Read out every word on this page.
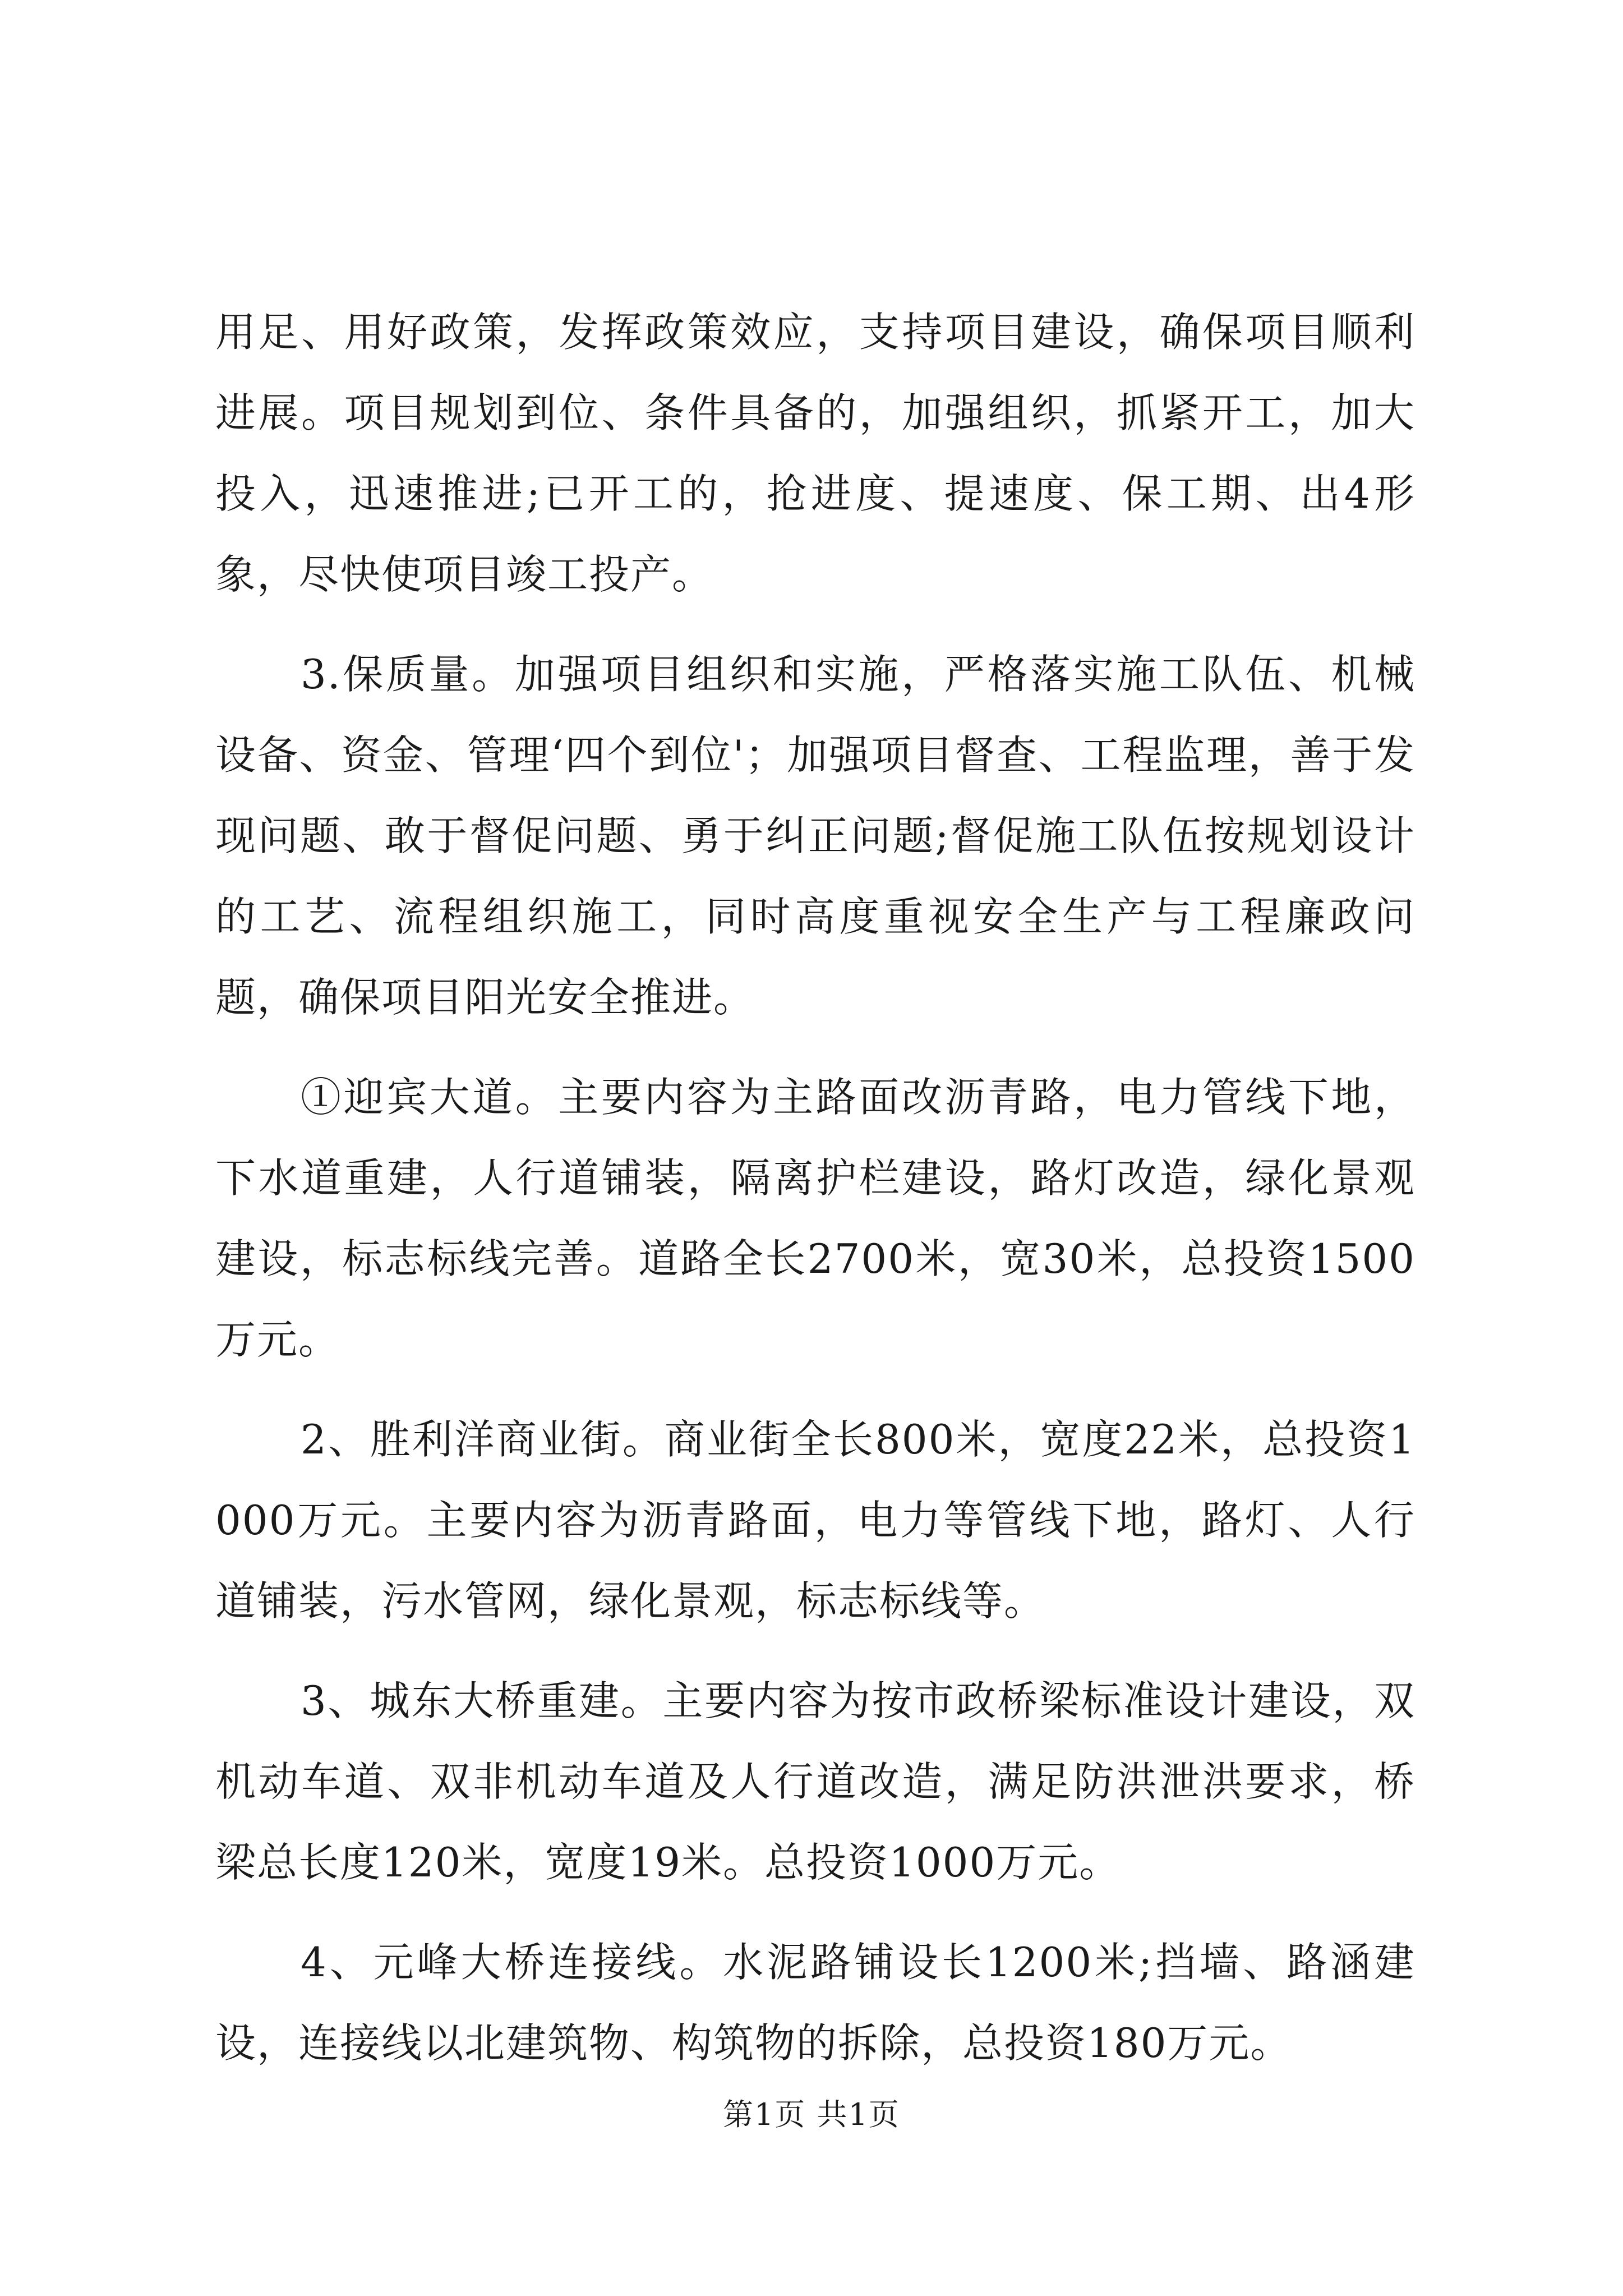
用足、用好政策，发挥政策效应，支持项目建设，确保项目顺利进展。项目规划到位、条件具备的，加强组织，抓紧开工，加大投入，迅速推进;已开工的，抢进度、提速度、保工期、出4形象，尽快使项目竣工投产。

3.保质量。加强项目组织和实施，严格落实施工队伍、机械设备、资金、管理‘四个到位'；加强项目督查、工程监理，善于发现问题、敢于督促问题、勇于纠正问题;督促施工队伍按规划设计的工艺、流程组织施工，同时高度重视安全生产与工程廉政问题，确保项目阳光安全推进。

①迎宾大道。主要内容为主路面改沥青路，电力管线下地，下水道重建，人行道铺装，隔离护栏建设，路灯改造，绿化景观建设，标志标线完善。道路全长2700米，宽30米，总投资1500万元。

2、胜利洋商业街。商业街全长800米，宽度22米，总投资1000万元。主要内容为沥青路面，电力等管线下地，路灯、人行道铺装，污水管网，绿化景观，标志标线等。

3、城东大桥重建。主要内容为按市政桥梁标准设计建设，双机动车道、双非机动车道及人行道改造，满足防洪泄洪要求，桥梁总长度120米，宽度19米。总投资1000万元。

4、元峰大桥连接线。水泥路铺设长1200米;挡墙、路涵建设，连接线以北建筑物、构筑物的拆除，总投资180万元。

第1页 共1页
